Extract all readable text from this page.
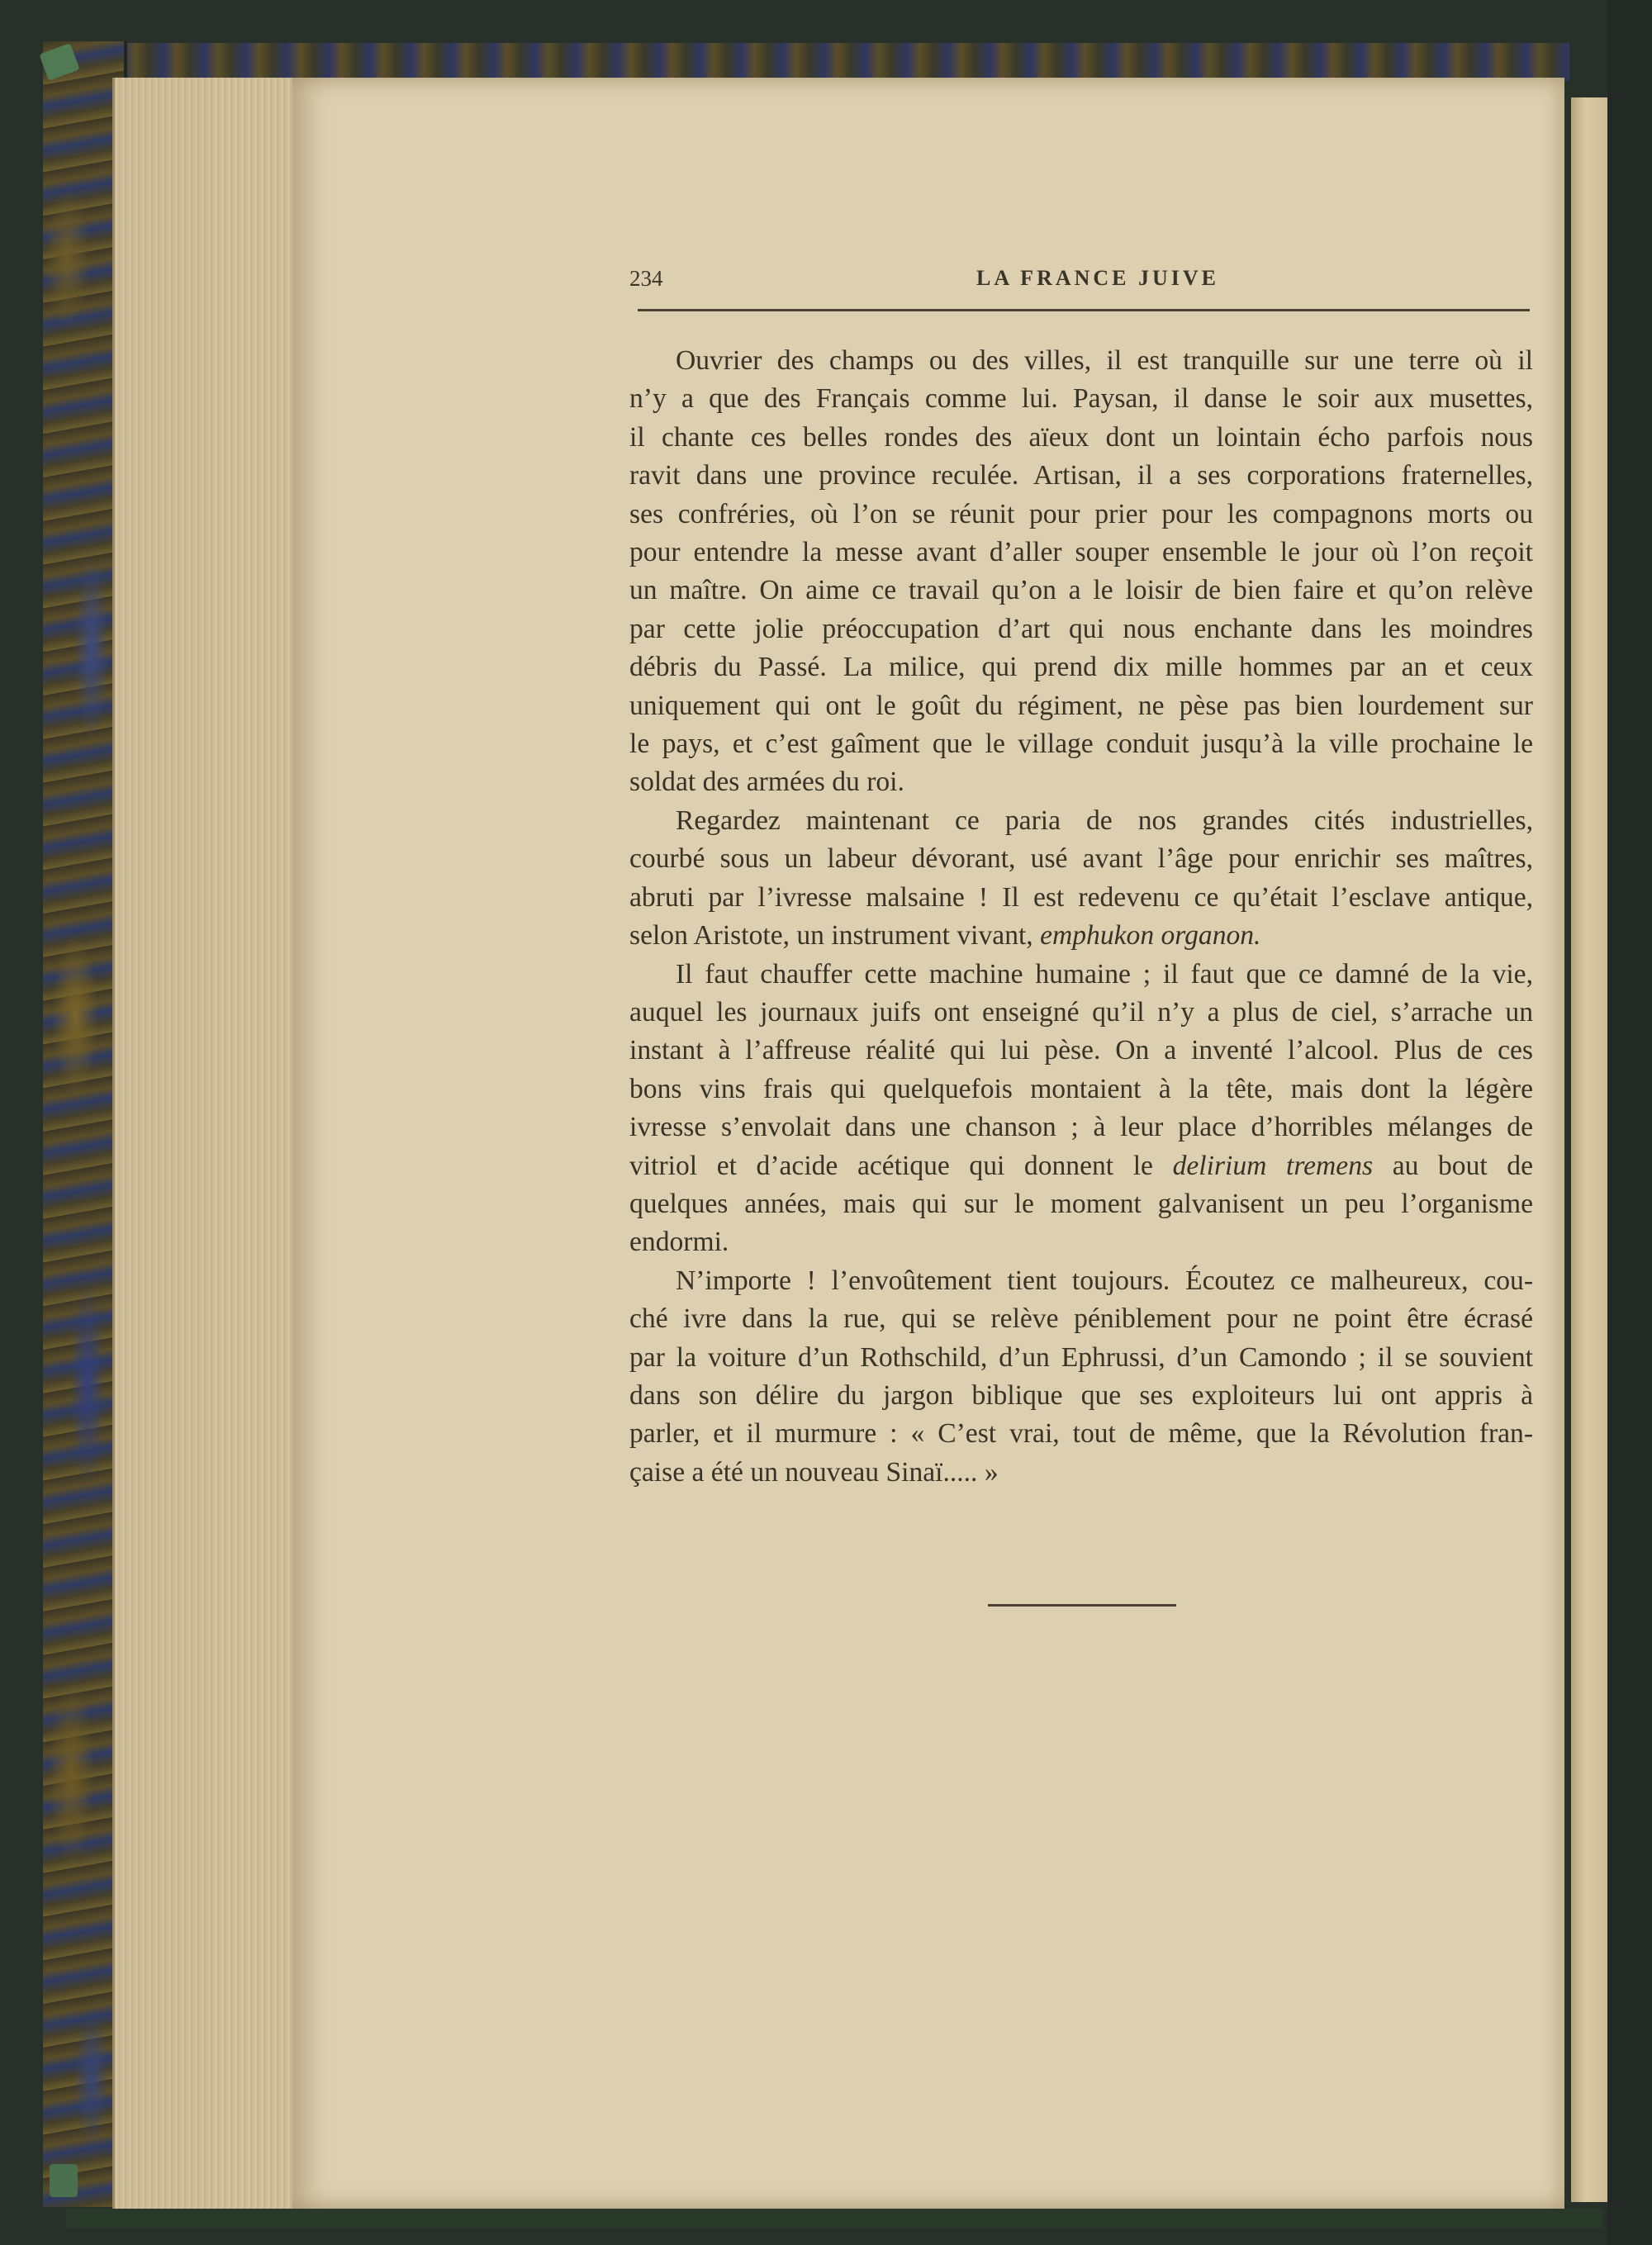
234	LA FRANCE JUIVE
Ouvrier des champs ou des villes, il est tranquille sur une terre où il
n’y a que des Français comme lui. Paysan, il danse le soir aux musettes,
il chante ces belles rondes des aïeux dont un lointain écho parfois nous
ravit dans une province reculée. Artisan, il a ses corporations fraternelles,
ses confréries, où l’on se réunit pour prier pour les compagnons morts ou
pour entendre la messe avant d’aller souper ensemble le jour où l’on reçoit
un maître. On aime ce travail qu’on a le loisir de bien faire et qu’on relève
par cette jolie préoccupation d’art qui nous enchante dans les moindres
débris du Passé. La milice, qui prend dix mille hommes par an et ceux
uniquement qui ont le goût du régiment, ne pèse pas bien lourdement sur
le pays, et c’est gaîment que le village conduit jusqu’à la ville prochaine le
soldat des armées du roi.
Regardez maintenant ce paria de nos grandes cités industrielles,
courbé sous un labeur dévorant, usé avant l’âge pour enrichir ses maîtres,
abruti par l’ivresse malsaine ! Il est redevenu ce qu’était l’esclave antique,
selon Aristote, un instrument vivant, emphukon organon.
Il faut chauffer cette machine humaine ; il faut que ce damné de la vie,
auquel les journaux juifs ont enseigné qu’il n’y a plus de ciel, s’arrache un
instant à l’affreuse réalité qui lui pèse. On a inventé l’alcool. Plus de ces
bons vins frais qui quelquefois montaient à la tête, mais dont la légère
ivresse s’envolait dans une chanson ; à leur place d’horribles mélanges de
vitriol et d’acide acétique qui donnent le delirium tremens au bout de
quelques années, mais qui sur le moment galvanisent un peu l’organisme
endormi.
N’importe ! l’envoûtement tient toujours. Écoutez ce malheureux, cou-
ché ivre dans la rue, qui se relève péniblement pour ne point être écrasé
par la voiture d’un Rothschild, d’un Ephrussi, d’un Camondo ; il se souvient
dans son délire du jargon biblique que ses exploiteurs lui ont appris à
parler, et il murmure : « C’est vrai, tout de même, que la Révolution fran-
çaise a été un nouveau Sinaï..... »
